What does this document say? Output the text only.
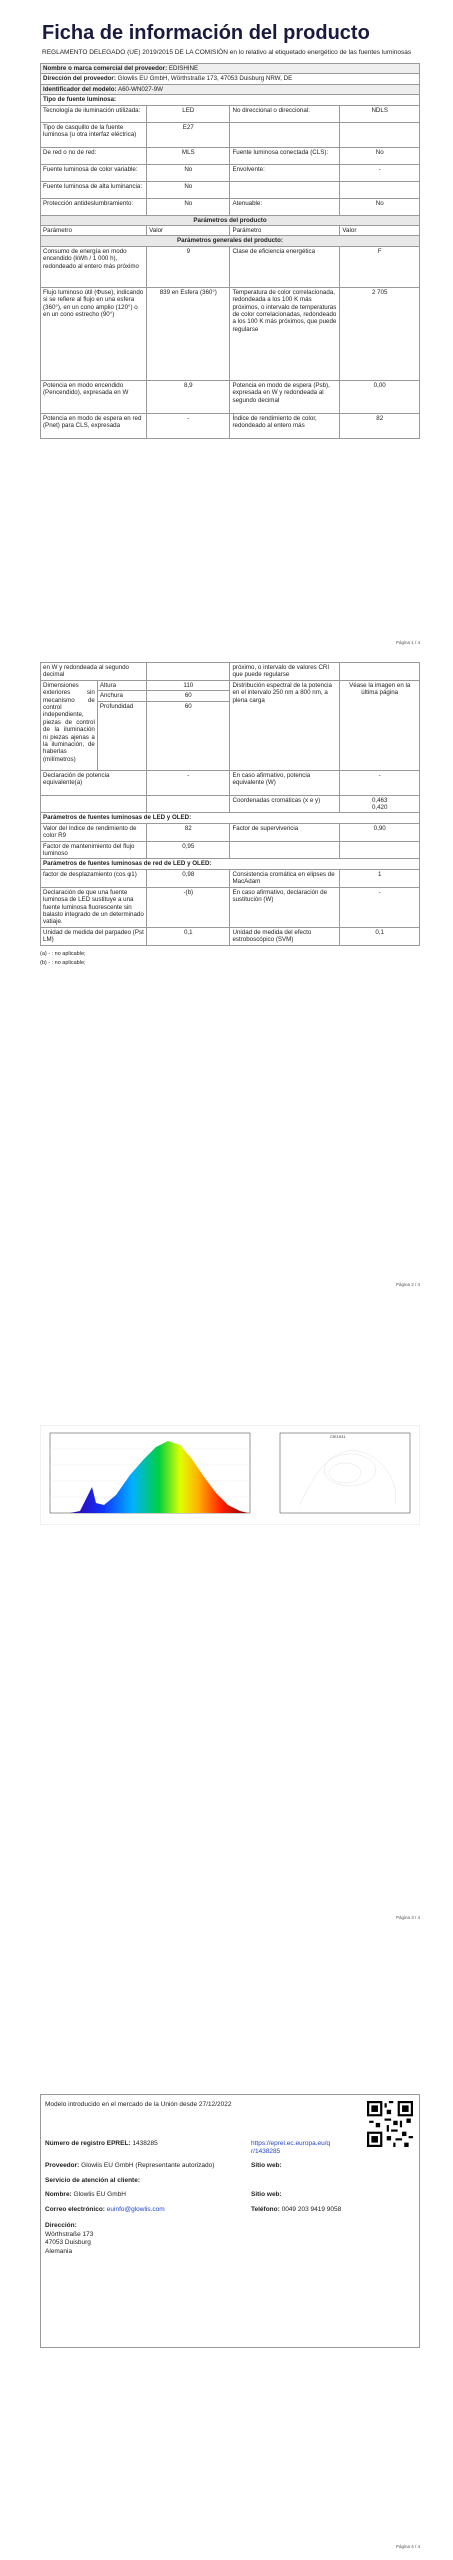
Ficha de información del producto
REGLAMENTO DELEGADO (UE) 2019/2015 DE LA COMISIÓN en lo relativo al etiquetado energético de las fuentes luminosas
Nombre o marca comercial del proveedor: EDISHINE			
Dirección del proveedor: Glowlis EU GmbH, Wörthstraße 173, 47053 Duisburg NRW, DE			
Identificador del modelo: A60-WN027-9W			
Tipo de fuente luminosa:			
Tecnología de iluminación utilizada:	LED	No direccional o direccional:	NDLS
Tipo de casquillo de la fuente luminosa (u otra interfaz eléctrica)	E27		
De red o no de red:	MLS	Fuente luminosa conectada (CLS):	No
Fuente luminosa de color variable:	No	Envolvente:	-
Fuente luminosa de alta luminancia:	No		
Protección antideslumbramiento:	No	Atenuable:	No
Parámetros del producto			
Parámetro	Valor	Parámetro	Valor
Parámetros generales del producto:			
Consumo de energía en modo encendido (kWh / 1 000 h), redondeado al entero más próximo	9	Clase de eficiencia energética	F
Flujo luminoso útil (Φuse), indicando si se refiere al flujo en una esfera (360°), en un cono amplio (120°) o en un cono estrecho (90°)	839 en Esfera (360°)	Temperatura de color correlacionada, redondeada a los 100 K más próximos, o intervalo de temperaturas de color correlacionadas, redondeado a los 100 K más próximos, que puede regularse	2 705
Potencia en modo encendido (Pencendido), expresada en W	8,9	Potencia en modo de espera (Psb), expresada en W y redondeada al segundo decimal	0,00
Potencia en modo de espera en red (Pnet) para CLS, expresada	-	Índice de rendimiento de color, redondeado al entero más	82
Página 1 / 4
en W y redondeada al segundo decimal			próximo, o intervalo de valores CRI que puede regularse	
Dimensiones exteriores sin mecanismo de control independiente, piezas de control de la iluminación ni piezas ajenas a la iluminación, de haberlas (milímetros)	Altura	110	Distribución espectral de la potencia en el intervalo 250 nm a 800 nm, a plena carga	Véase la imagen en la última página
	Anchura	60		
	Profundidad	60		
Declaración de potencia equivalente(a)		-	En caso afirmativo, potencia equivalente (W)	-
			Coordenadas cromáticas (x e y)	0,463
0,420
Parámetros de fuentes luminosas de LED y OLED:				
Valor del índice de rendimiento de color R9		82	Factor de supervivencia	0,90
Factor de mantenimiento del flujo luminoso		0,95		
Parámetros de fuentes luminosas de red de LED y OLED:				
factor de desplazamiento (cos φ1)		0,98	Consistencia cromática en elipses de MacAdam	1
Declaración de que una fuente luminosa de LED sustituye a una fuente luminosa fluorescente sin balasto integrado de un determinado vatiaje.		-(b)	En caso afirmativo, declaración de sustitución (W)	-
Unidad de medida del parpadeo (Pst LM)		0,1	Unidad de medida del efecto estroboscópico (SVM)	0,1
(a) - : no aplicable;
(b) - : no aplicable;
Página 2 / 4
CIE1931
Página 3 / 4
Modelo introducido en el mercado de la Unión desde 27/12/2022
Número de registro EPREL: 1438285	https://eprel.ec.europa.eu/qr/1438285
Proveedor: Glowlis EU GmbH (Representante autorizado)	Sitio web:
Servicio de atención al cliente:
Nombre: Glowlis EU GmbH	Sitio web:
Correo electrónico: euinfo@glowlis.com	Teléfono: 0049 203 9419 9058
Dirección:
Wörthstraße 173
47053 Duisburg
Alemania
Página 4 / 4
